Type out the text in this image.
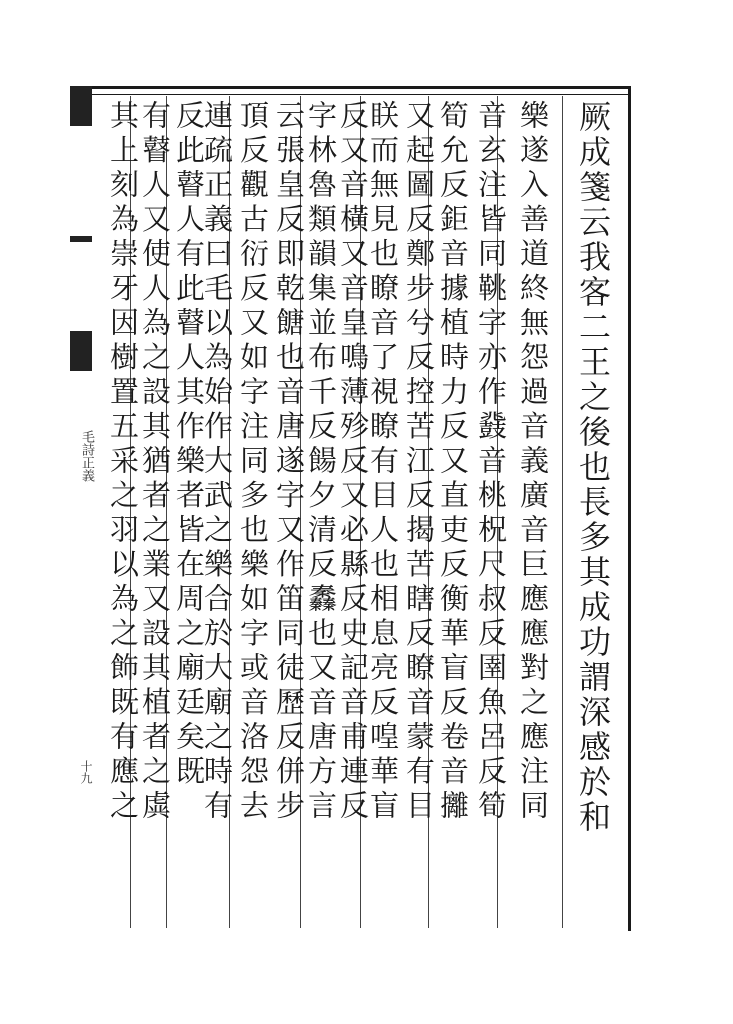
毛詩正義
十九	厥成箋云我客二王之後也長多其成功謂深感於和
樂遂入善道終無怨過音義廣音巨應應對之應注同
音玄注皆同鞉字亦作鼗音桃柷尺叔反圉魚呂反筍
筍允反鉅音據植時力反又直吏反衡華盲反卷音攡
又起圖反鄭步兮反控苦江反揭苦瞎反瞭音蒙有目
眹而無見也瞭音了視瞭有目人也相息亮反喤華盲
反又音橫又音皇鳴薄殄反又必縣反史記音甫連反
字林魯類韻集並布千反餳夕清反䆐也又音唐方言
云張皇反即乾餹也音唐遂字又作笛同徒歷反併步
頂反觀古衍反又如字注同多也樂如字或音洛怨去
連疏正義曰毛以為始作大武之樂合於大廟之時有
反此瞽人有此瞽人其作樂者皆在周之廟廷矣既
有瞽人又使人為之設其猶者之業又設其植者之虡
其上刻為崇牙因樹置五采之羽以為之飾既有應之
